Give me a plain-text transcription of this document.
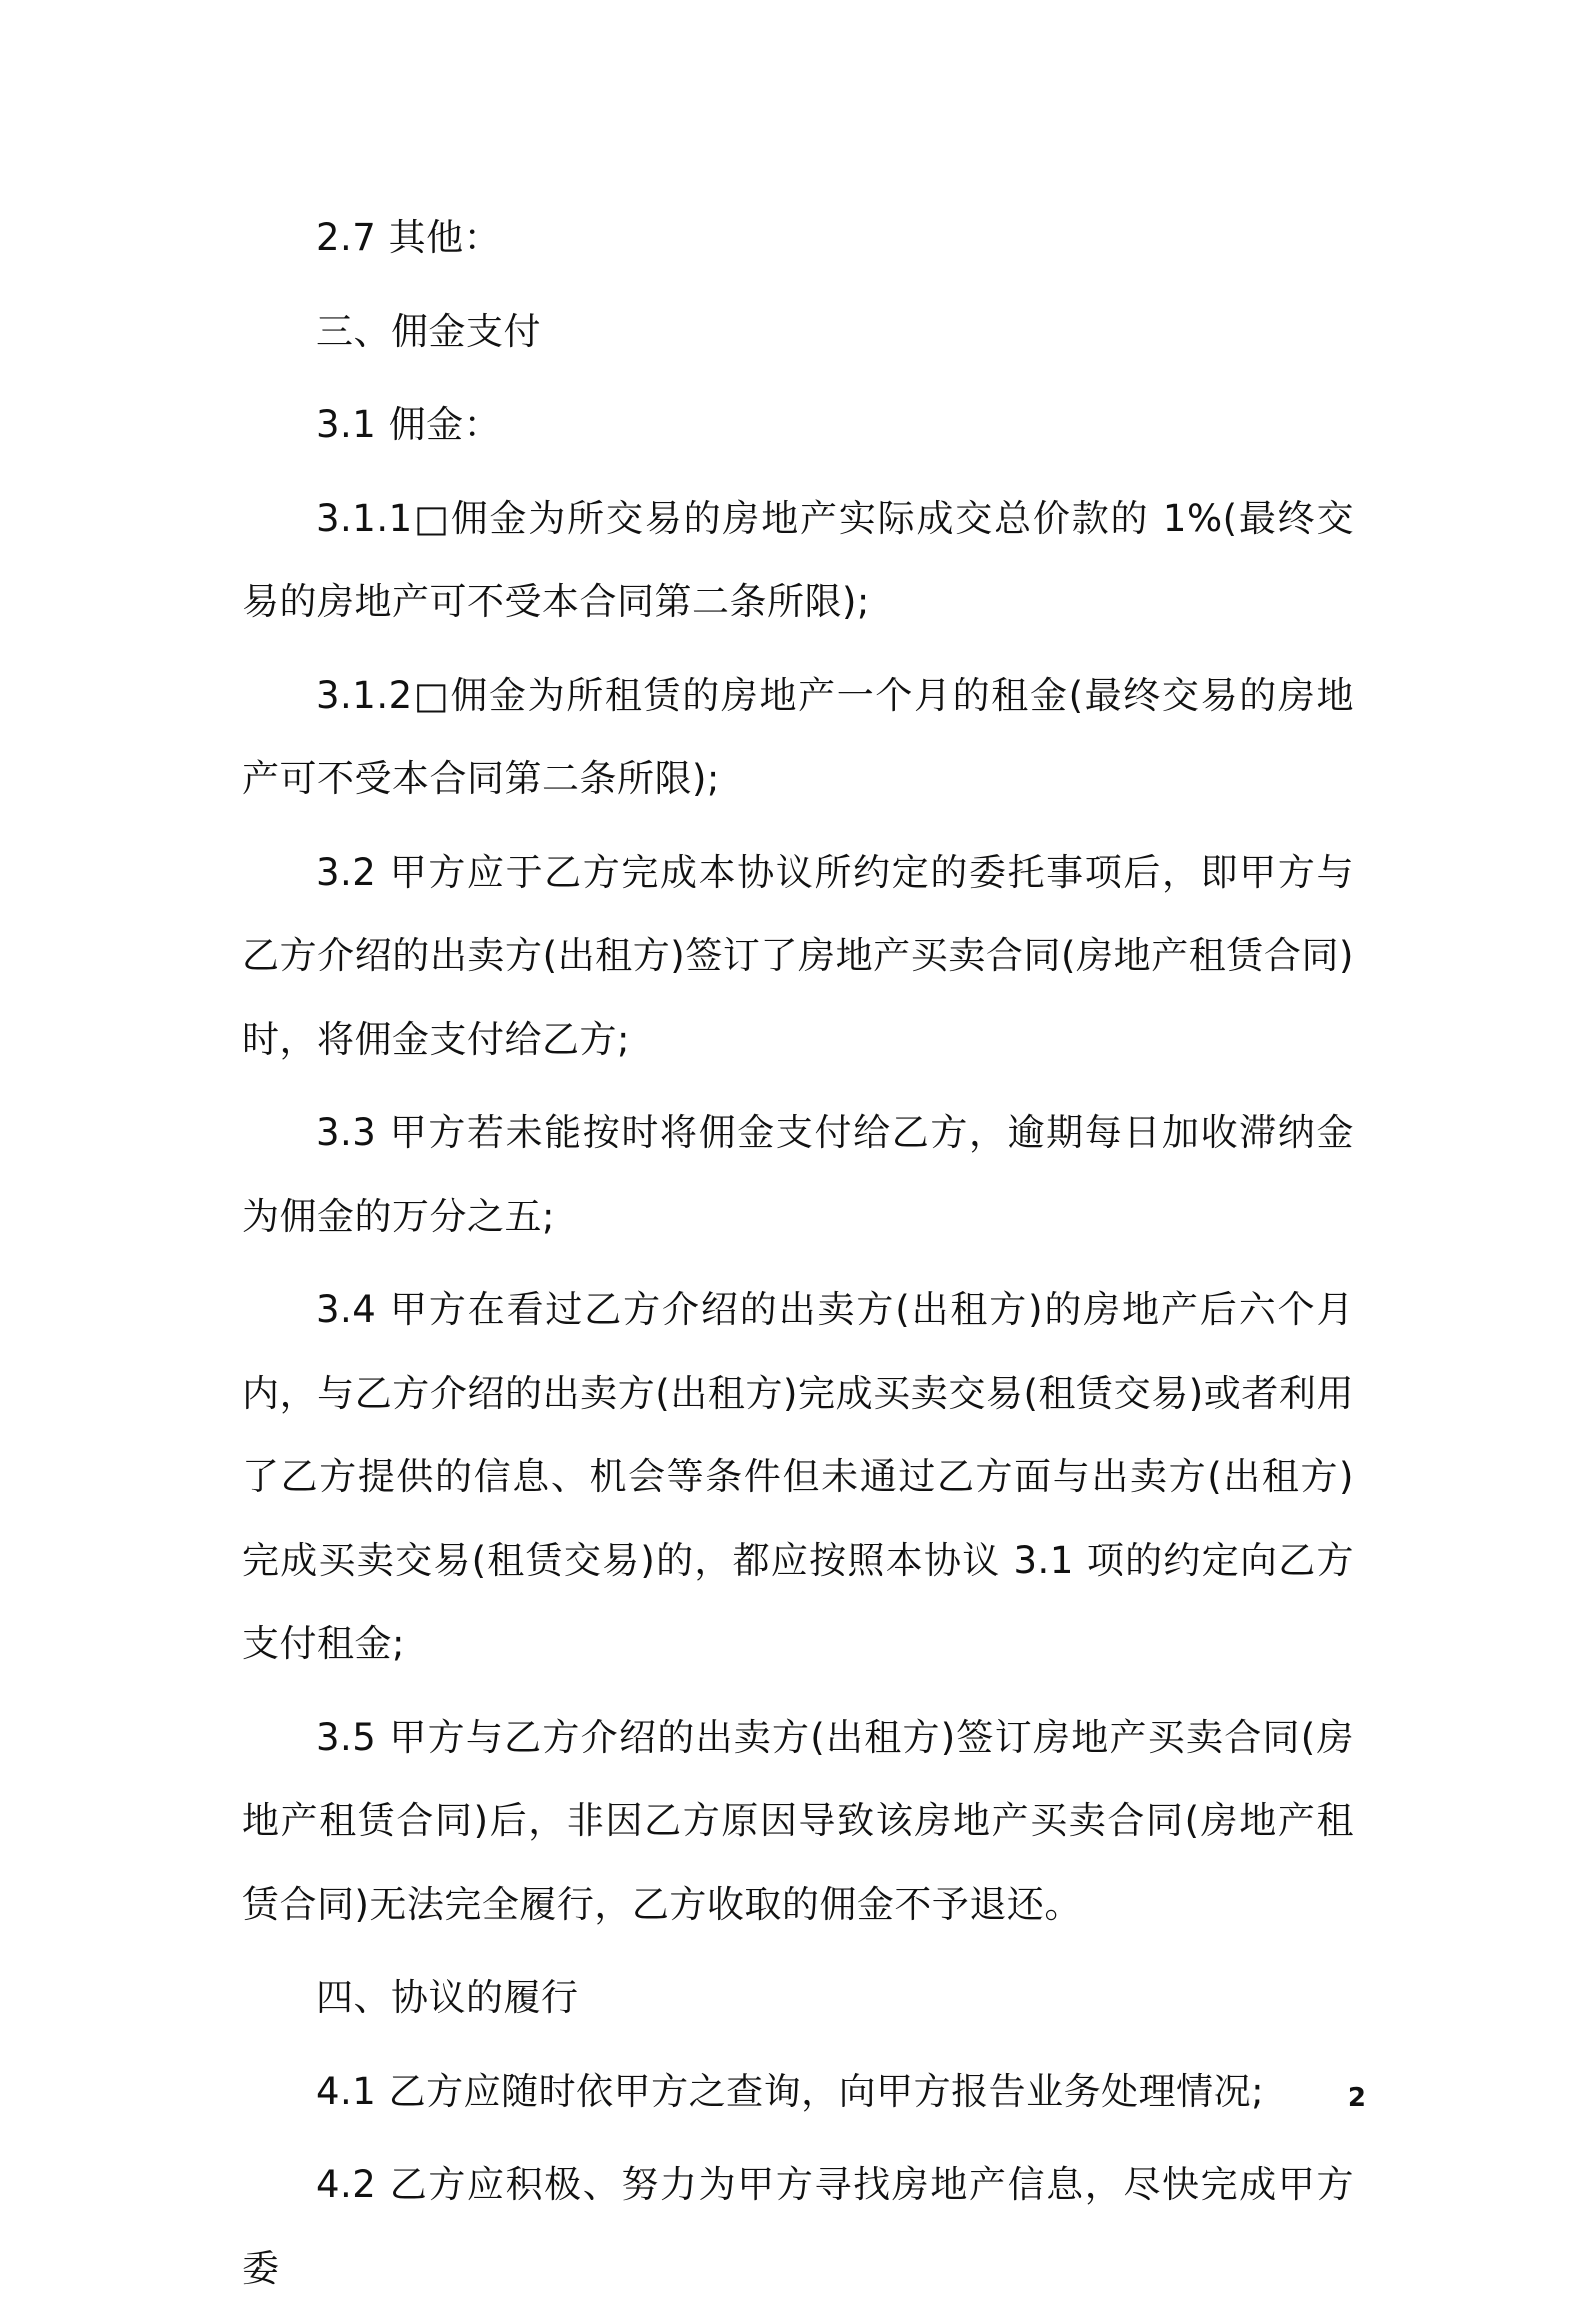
2.7 其他：

三、佣金支付

3.1 佣金：

3.1.1□佣金为所交易的房地产实际成交总价款的 1%(最终交易的房地产可不受本合同第二条所限);

3.1.2□佣金为所租赁的房地产一个月的租金(最终交易的房地产可不受本合同第二条所限);

3.2 甲方应于乙方完成本协议所约定的委托事项后，即甲方与乙方介绍的出卖方(出租方)签订了房地产买卖合同(房地产租赁合同)时，将佣金支付给乙方;

3.3 甲方若未能按时将佣金支付给乙方，逾期每日加收滞纳金为佣金的万分之五;

3.4 甲方在看过乙方介绍的出卖方(出租方)的房地产后六个月内，与乙方介绍的出卖方(出租方)完成买卖交易(租赁交易)或者利用了乙方提供的信息、机会等条件但未通过乙方面与出卖方(出租方)完成买卖交易(租赁交易)的，都应按照本协议 3.1 项的约定向乙方支付租金;

3.5 甲方与乙方介绍的出卖方(出租方)签订房地产买卖合同(房地产租赁合同)后，非因乙方原因导致该房地产买卖合同(房地产租赁合同)无法完全履行，乙方收取的佣金不予退还。

四、协议的履行

4.1 乙方应随时依甲方之查询，向甲方报告业务处理情况;

4.2 乙方应积极、努力为甲方寻找房地产信息，尽快完成甲方委

2
